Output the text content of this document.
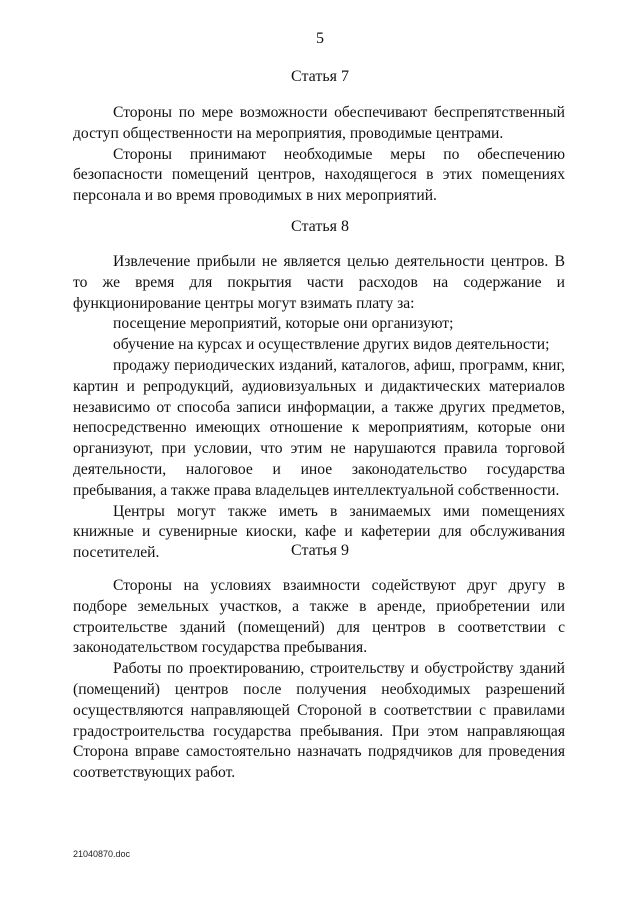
5
Статья 7

Стороны по мере возможности обеспечивают беспрепятственный доступ общественности на мероприятия, проводимые центрами.

Стороны принимают необходимые меры по обеспечению безопасности помещений центров, находящегося в этих помещениях персонала и во время проводимых в них мероприятий.

Статья 8

Извлечение прибыли не является целью деятельности центров. В то же время для покрытия части расходов на содержание и функционирование центры могут взимать плату за:

посещение мероприятий, которые они организуют;

обучение на курсах и осуществление других видов деятельности;

продажу периодических изданий, каталогов, афиш, программ, книг, картин и репродукций, аудиовизуальных и дидактических материалов независимо от способа записи информации, а также других предметов, непосредственно имеющих отношение к мероприятиям, которые они организуют, при условии, что этим не нарушаются правила торговой деятельности, налоговое и иное законодательство государства пребывания, а также права владельцев интеллектуальной собственности.

Центры могут также иметь в занимаемых ими помещениях книжные и сувенирные киоски, кафе и кафетерии для обслуживания посетителей.	Статья 9

Стороны на условиях взаимности содействуют друг другу в подборе земельных участков, а также в аренде, приобретении или строительстве зданий (помещений) для центров в соответствии с законодательством государства пребывания.

Работы по проектированию, строительству и обустройству зданий (помещений) центров после получения необходимых разрешений осуществляются направляющей Стороной в соответствии с правилами градостроительства государства пребывания. При этом направляющая Сторона вправе самостоятельно назначать подрядчиков для проведения соответствующих работ.

21040870.doc
